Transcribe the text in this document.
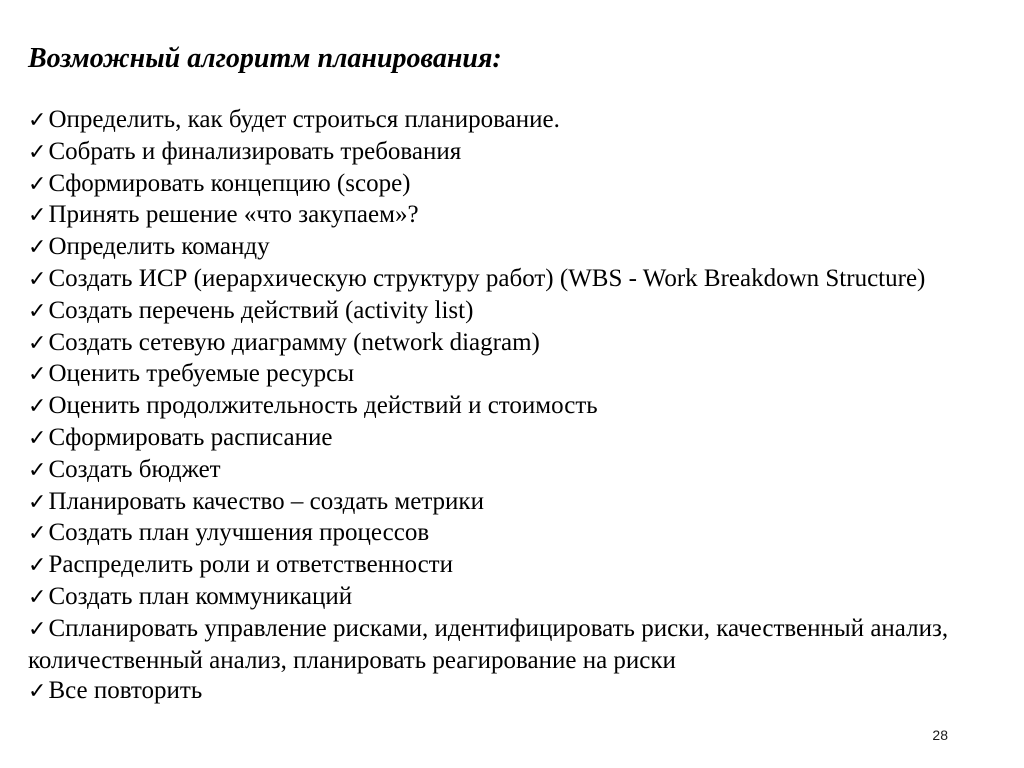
Возможный алгоритм планирования:
✓Определить, как будет строиться планирование.
✓Собрать и финализировать требования
✓Сформировать концепцию (scope)
✓Принять решение «что закупаем»?
✓Определить команду
✓Создать ИСР (иерархическую структуру работ) (WBS - Work Breakdown Structure)
✓Создать перечень действий (activity list)
✓Создать сетевую диаграмму (network diagram)
✓Оценить требуемые ресурсы
✓Оценить продолжительность действий и стоимость
✓Сформировать расписание
✓Создать бюджет
✓Планировать качество – создать метрики
✓Создать план улучшения процессов
✓Распределить роли и ответственности
✓Создать план коммуникаций
✓Спланировать управление рисками, идентифицировать риски, качественный анализ, количественный анализ, планировать реагирование на риски
✓Все повторить
28
